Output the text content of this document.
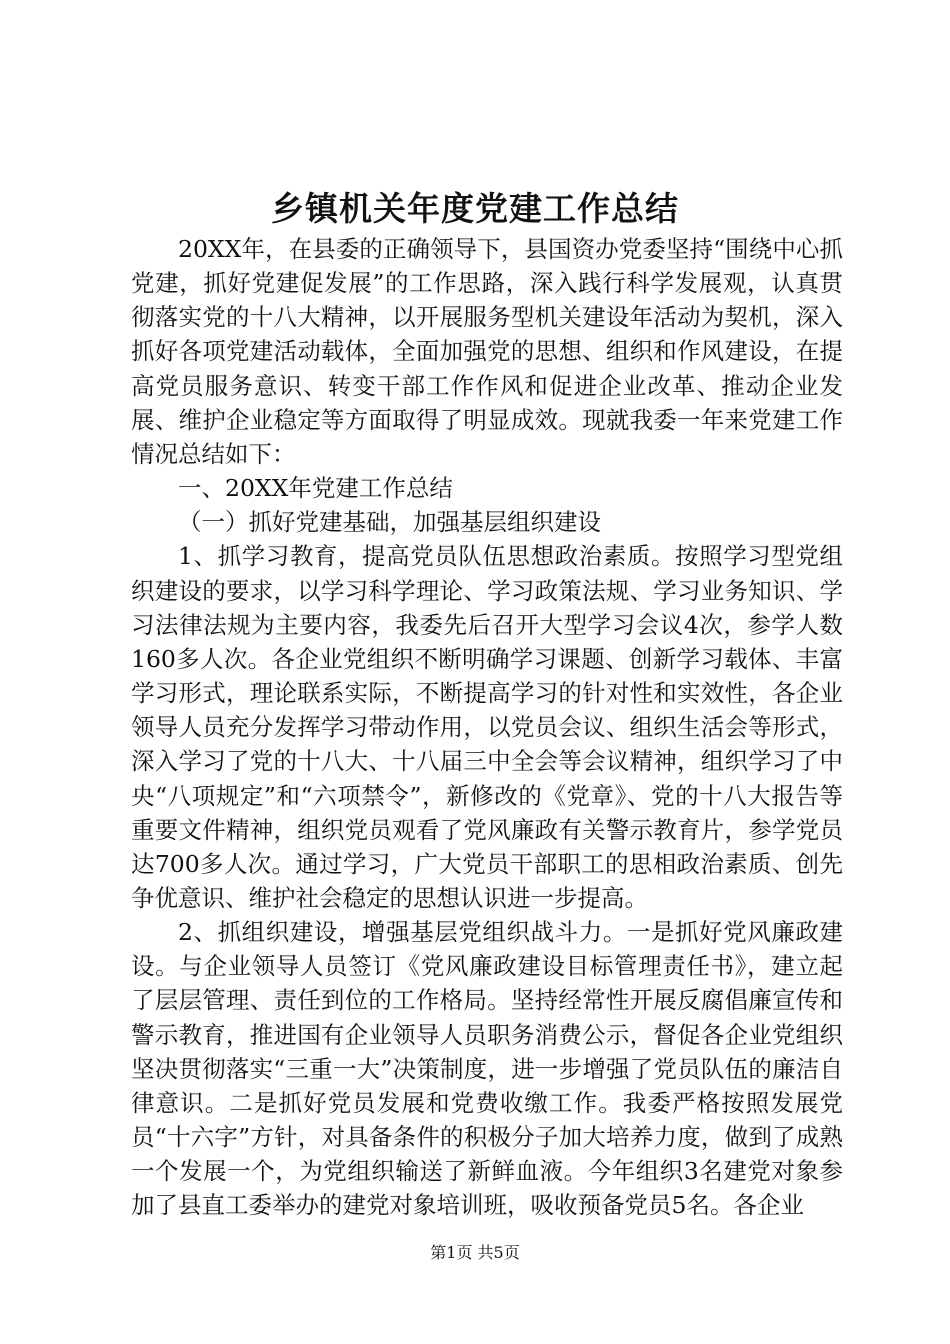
乡镇机关年度党建工作总结

20XX年，在县委的正确领导下，县国资办党委坚持“围绕中心抓党建，抓好党建促发展”的工作思路，深入践行科学发展观，认真贯彻落实党的十八大精神，以开展服务型机关建设年活动为契机，深入抓好各项党建活动载体，全面加强党的思想、组织和作风建设，在提高党员服务意识、转变干部工作作风和促进企业改革、推动企业发展、维护企业稳定等方面取得了明显成效。现就我委一年来党建工作情况总结如下：

一、20XX年党建工作总结

（一）抓好党建基础，加强基层组织建设

1、抓学习教育，提高党员队伍思想政治素质。按照学习型党组织建设的要求，以学习科学理论、学习政策法规、学习业务知识、学习法律法规为主要内容，我委先后召开大型学习会议4次，参学人数160多人次。各企业党组织不断明确学习课题、创新学习载体、丰富学习形式，理论联系实际，不断提高学习的针对性和实效性，各企业领导人员充分发挥学习带动作用，以党员会议、组织生活会等形式，深入学习了党的十八大、十八届三中全会等会议精神，组织学习了中央“八项规定”和“六项禁令”，新修改的《党章》、党的十八大报告等重要文件精神，组织党员观看了党风廉政有关警示教育片，参学党员达700多人次。通过学习，广大党员干部职工的思相政治素质、创先争优意识、维护社会稳定的思想认识进一步提高。

2、抓组织建设，增强基层党组织战斗力。一是抓好党风廉政建设。与企业领导人员签订《党风廉政建设目标管理责任书》，建立起了层层管理、责任到位的工作格局。坚持经常性开展反腐倡廉宣传和警示教育，推进国有企业领导人员职务消费公示，督促各企业党组织坚决贯彻落实“三重一大”决策制度，进一步增强了党员队伍的廉洁自律意识。二是抓好党员发展和党费收缴工作。我委严格按照发展党员“十六字”方针，对具备条件的积极分子加大培养力度，做到了成熟一个发展一个，为党组织输送了新鲜血液。今年组织3名建党对象参加了县直工委举办的建党对象培训班，吸收预备党员5名。各企业

第1页 共5页
